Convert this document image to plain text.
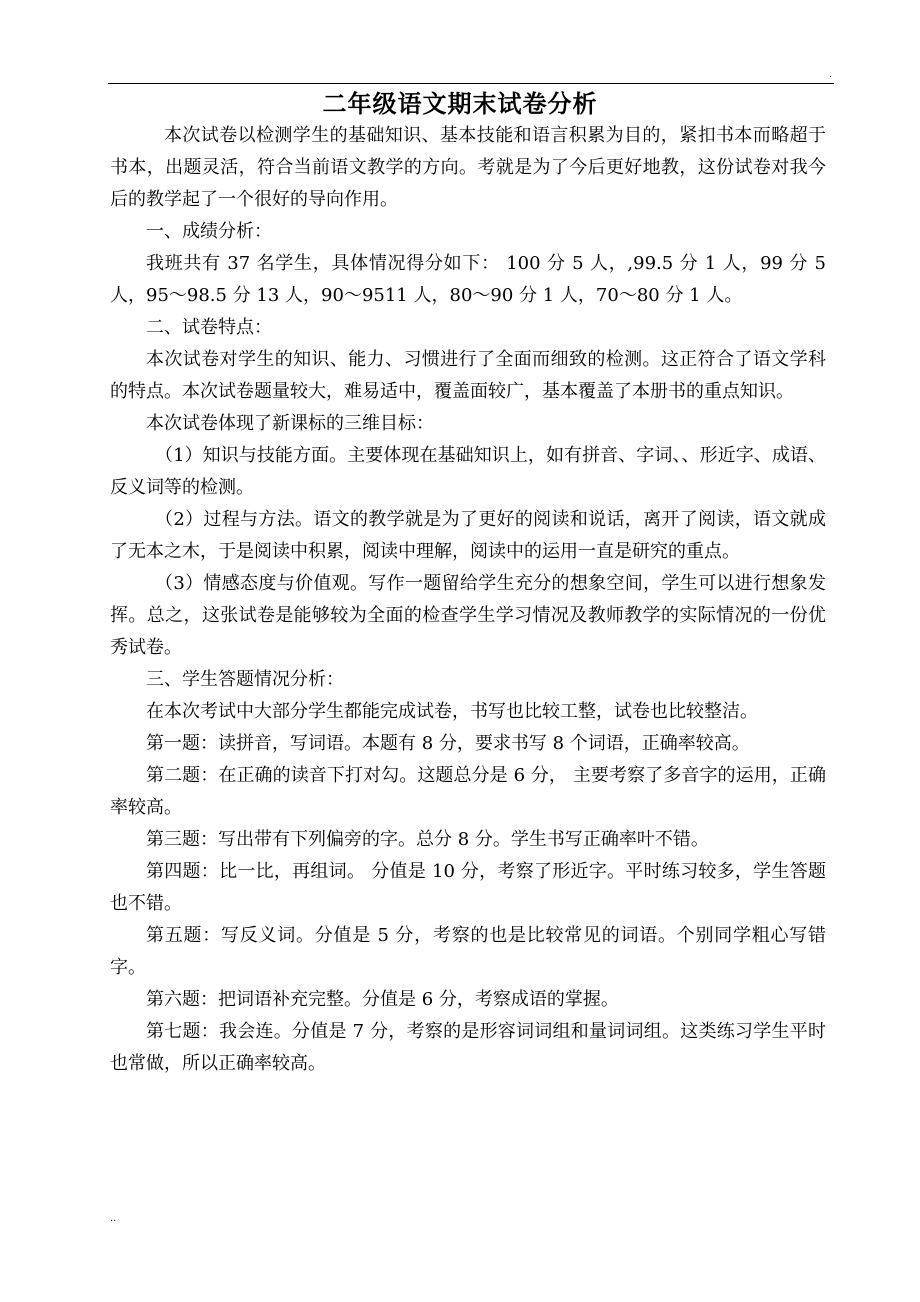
.
二年级语文期末试卷分析

本次试卷以检测学生的基础知识、基本技能和语言积累为目的，紧扣书本而略超于书本，出题灵活，符合当前语文教学的方向。考就是为了今后更好地教，这份试卷对我今后的教学起了一个很好的导向作用。

一、成绩分析：

我班共有 37 名学生，具体情况得分如下： 100 分 5 人，,99.5 分 1 人，99 分 5 人，95～98.5 分 13 人，90～9511 人，80～90 分 1 人，70～80 分 1 人。

二、试卷特点：

本次试卷对学生的知识、能力、习惯进行了全面而细致的检测。这正符合了语文学科的特点。本次试卷题量较大，难易适中，覆盖面较广，基本覆盖了本册书的重点知识。

本次试卷体现了新课标的三维目标：

（1）知识与技能方面。主要体现在基础知识上，如有拼音、字词、、形近字、成语、反义词等的检测。

（2）过程与方法。语文的教学就是为了更好的阅读和说话，离开了阅读，语文就成了无本之木，于是阅读中积累，阅读中理解，阅读中的运用一直是研究的重点。

（3）情感态度与价值观。写作一题留给学生充分的想象空间，学生可以进行想象发挥。总之，这张试卷是能够较为全面的检查学生学习情况及教师教学的实际情况的一份优秀试卷。

三、学生答题情况分析：

在本次考试中大部分学生都能完成试卷，书写也比较工整，试卷也比较整洁。

第一题：读拼音，写词语。本题有 8 分，要求书写 8 个词语，正确率较高。

第二题：在正确的读音下打对勾。这题总分是 6 分， 主要考察了多音字的运用，正确率较高。

第三题：写出带有下列偏旁的字。总分 8 分。学生书写正确率叶不错。

第四题：比一比，再组词。 分值是 10 分，考察了形近字。平时练习较多，学生答题也不错。

第五题：写反义词。分值是 5 分，考察的也是比较常见的词语。个别同学粗心写错字。

第六题：把词语补充完整。分值是 6 分，考察成语的掌握。

第七题：我会连。分值是 7 分，考察的是形容词词组和量词词组。这类练习学生平时也常做，所以正确率较高。

..
